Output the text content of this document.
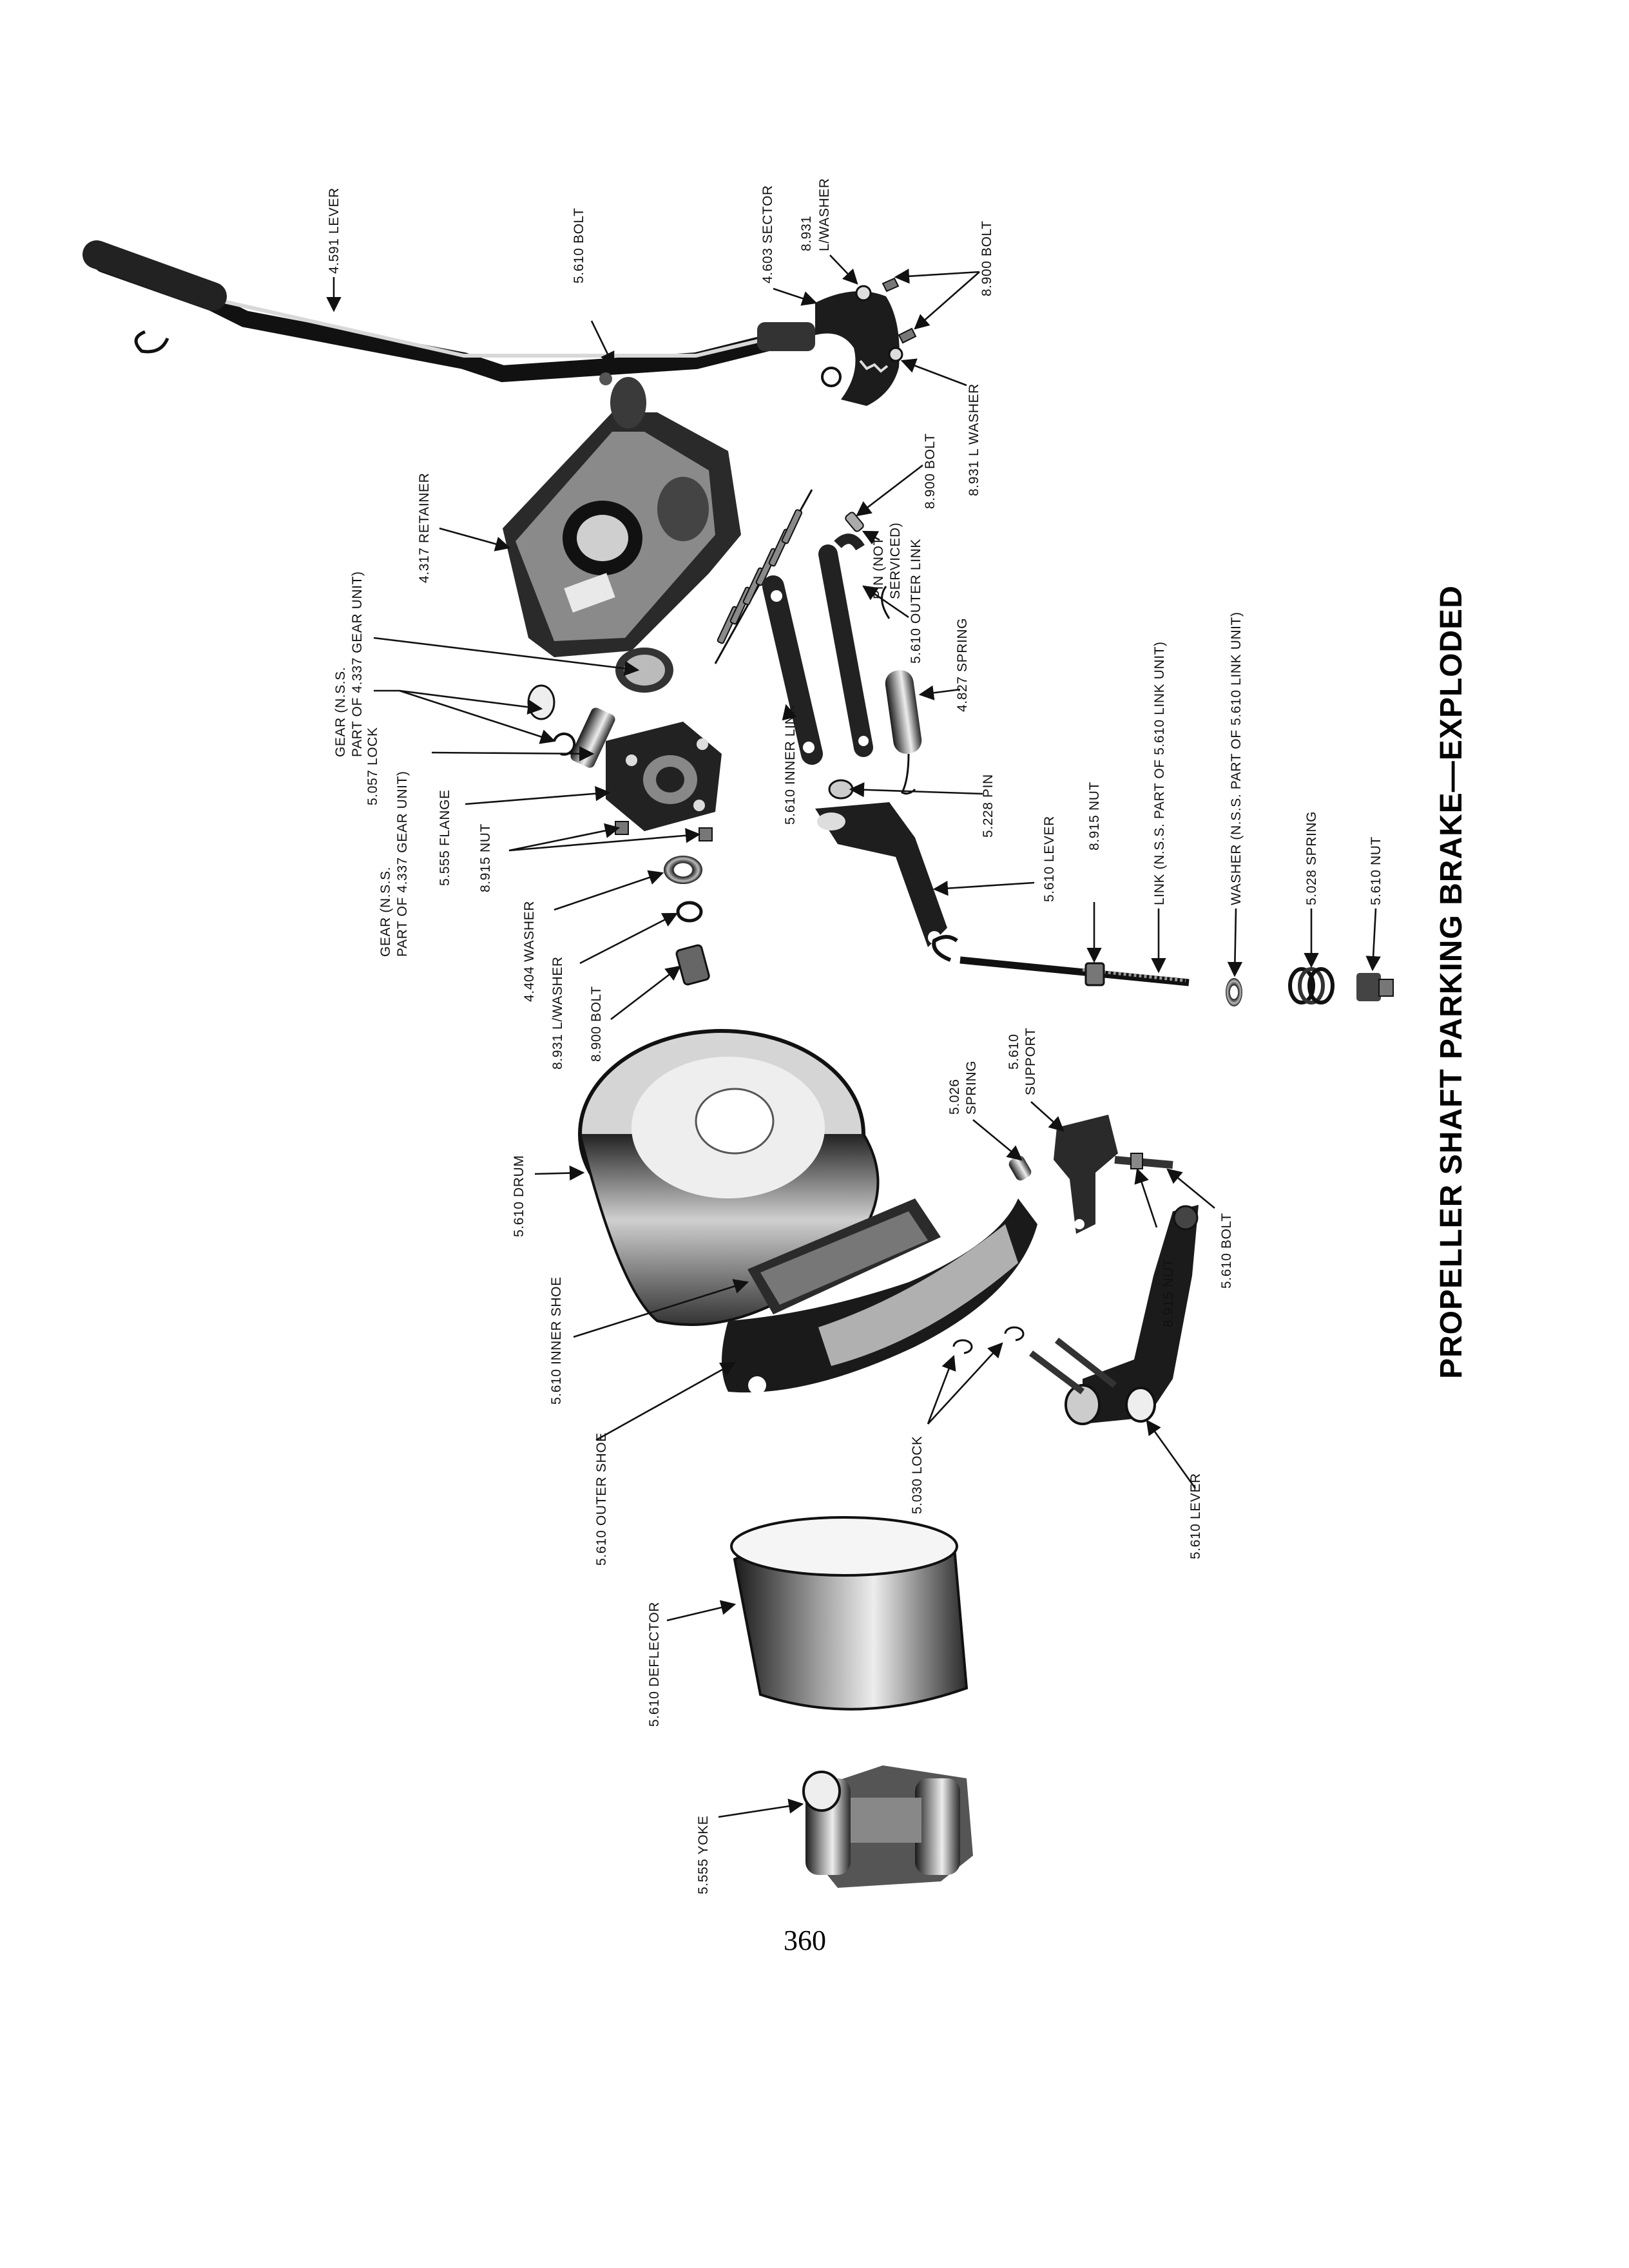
4.591 LEVER	5.610 BOLT	4.603 SECTOR 8.931 L/WASHER
8.900 BOLT
8.931 L WASHER
4.317 RETAINER
8.900 BOLT
PIN (NOT SERVICED) 5.610 OUTER LINK
GEAR (N.S.S. PART OF 4.337 GEAR UNIT)
5.057 LOCK
4.827 SPRING
5.610 INNER LINK	5.228 PIN
GEAR (N.S.S. PART OF 4.337 GEAR UNIT) 5.555 FLANGE 8.915 NUT
4.404 WASHER
8.931 L/WASHER 8.900 BOLT
5.610 LEVER 8.915 NUT	LINK (N.S.S. PART OF 5.610 LINK UNIT)	WASHER (N.S.S. PART OF 5.610 LINK UNIT)	5.028 SPRING	5.610 NUT
5.610 SUPPORT
5.026 SPRING
5.610 DRUM
8.915 NUT
5.610 BOLT
5.610 INNER SHOE
5.610 OUTER SHOE	5.030 LOCK	5.610 LEVER
5.610 DEFLECTOR
5.555 YOKE
PROPELLER SHAFT PARKING BRAKE—EXPLODED
360
